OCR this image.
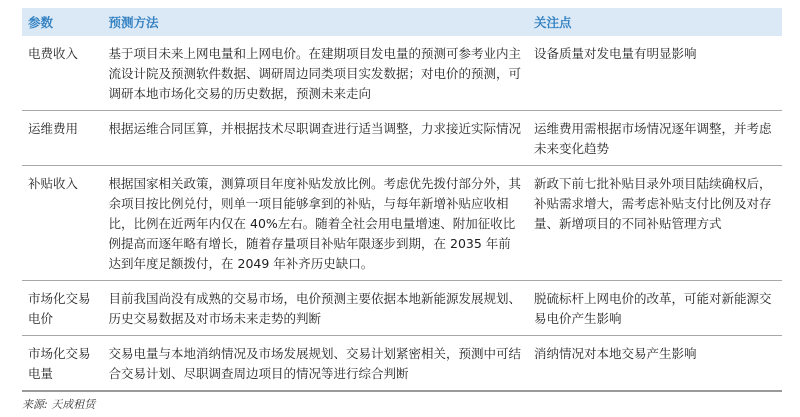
参数	预测方法	关注点
电费收入	基于项目未来上网电量和上网电价。在建期项目发电量的预测可参考业内主流设计院及预测软件数据、调研周边同类项目实发数据；对电价的预测，可调研本地市场化交易的历史数据，预测未来走向	设备质量对发电量有明显影响
运维费用	根据运维合同匡算，并根据技术尽职调查进行适当调整，力求接近实际情况	运维费用需根据市场情况逐年调整，并考虑未来变化趋势
补贴收入	根据国家相关政策，测算项目年度补贴发放比例。考虑优先拨付部分外，其余项目按比例兑付，则单一项目能够拿到的补贴，与每年新增补贴应收相比，比例在近两年内仅在 40%左右。随着全社会用电量增速、附加征收比例提高而逐年略有增长，随着存量项目补贴年限逐步到期，在 2035 年前达到年度足额拨付，在 2049 年补齐历史缺口。	新政下前七批补贴目录外项目陆续确权后，补贴需求增大，需考虑补贴支付比例及对存量、新增项目的不同补贴管理方式
市场化交易电价	目前我国尚没有成熟的交易市场，电价预测主要依据本地新能源发展规划、历史交易数据及对市场未来走势的判断	脱硫标杆上网电价的改革，可能对新能源交易电价产生影响
市场化交易电量	交易电量与本地消纳情况及市场发展规划、交易计划紧密相关，预测中可结合交易计划、尽职调查周边项目的情况等进行综合判断	消纳情况对本地交易产生影响
来源: 天成租赁
